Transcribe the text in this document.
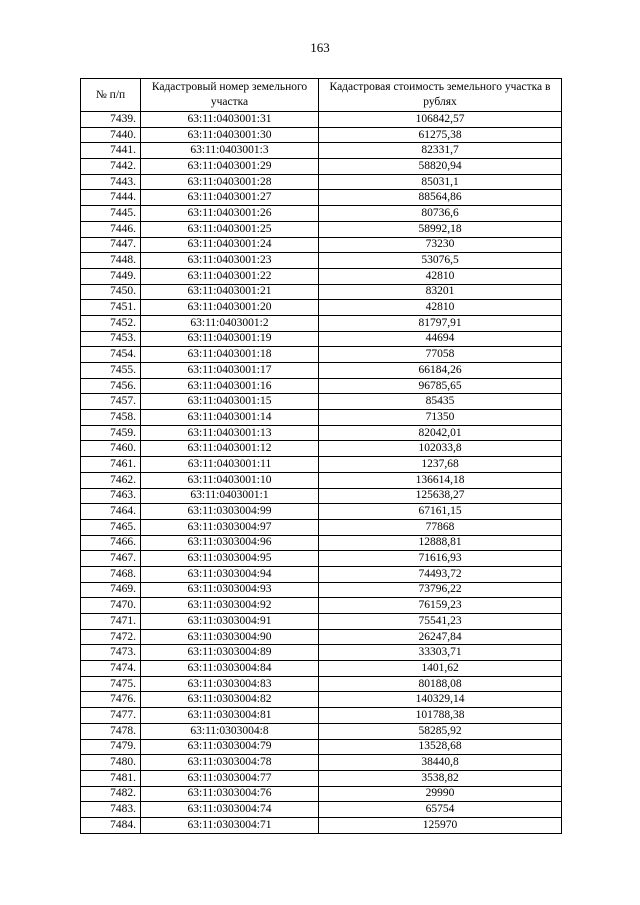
163
№ п/п	Кадастровый номер земельного участка	Кадастровая стоимость земельного участка в рублях
7439.	63:11:0403001:31	106842,57
7440.	63:11:0403001:30	61275,38
7441.	63:11:0403001:3	82331,7
7442.	63:11:0403001:29	58820,94
7443.	63:11:0403001:28	85031,1
7444.	63:11:0403001:27	88564,86
7445.	63:11:0403001:26	80736,6
7446.	63:11:0403001:25	58992,18
7447.	63:11:0403001:24	73230
7448.	63:11:0403001:23	53076,5
7449.	63:11:0403001:22	42810
7450.	63:11:0403001:21	83201
7451.	63:11:0403001:20	42810
7452.	63:11:0403001:2	81797,91
7453.	63:11:0403001:19	44694
7454.	63:11:0403001:18	77058
7455.	63:11:0403001:17	66184,26
7456.	63:11:0403001:16	96785,65
7457.	63:11:0403001:15	85435
7458.	63:11:0403001:14	71350
7459.	63:11:0403001:13	82042,01
7460.	63:11:0403001:12	102033,8
7461.	63:11:0403001:11	1237,68
7462.	63:11:0403001:10	136614,18
7463.	63:11:0403001:1	125638,27
7464.	63:11:0303004:99	67161,15
7465.	63:11:0303004:97	77868
7466.	63:11:0303004:96	12888,81
7467.	63:11:0303004:95	71616,93
7468.	63:11:0303004:94	74493,72
7469.	63:11:0303004:93	73796,22
7470.	63:11:0303004:92	76159,23
7471.	63:11:0303004:91	75541,23
7472.	63:11:0303004:90	26247,84
7473.	63:11:0303004:89	33303,71
7474.	63:11:0303004:84	1401,62
7475.	63:11:0303004:83	80188,08
7476.	63:11:0303004:82	140329,14
7477.	63:11:0303004:81	101788,38
7478.	63:11:0303004:8	58285,92
7479.	63:11:0303004:79	13528,68
7480.	63:11:0303004:78	38440,8
7481.	63:11:0303004:77	3538,82
7482.	63:11:0303004:76	29990
7483.	63:11:0303004:74	65754
7484.	63:11:0303004:71	125970
